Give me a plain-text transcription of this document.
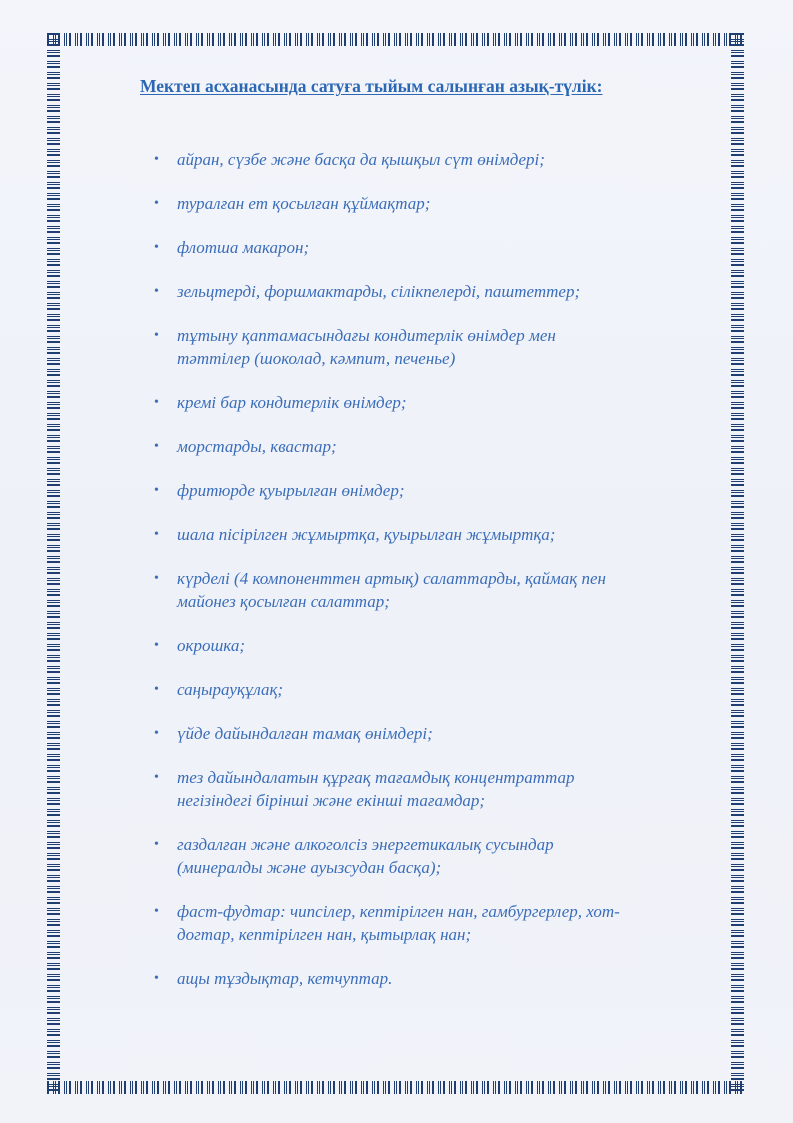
Мектеп асханасында сатуға тыйым салынған азық-түлік:
• айран, сүзбе және басқа да қышқыл сүт өнімдері;
• туралған ет қосылған құймақтар;
• флотша макарон;
• зельцтерді, форшмактарды, сілікпелерді, паштеттер;
• тұтыну қаптамасындағы кондитерлік өнімдер мен
тәттілер (шоколад, кәмпит, печенье)
• кремі бар кондитерлік өнімдер;
• морстарды, квастар;
• фритюрде қуырылған өнімдер;
• шала пісірілген жұмыртқа, қуырылған жұмыртқа;
• күрделі (4 компоненттен артық) салаттарды, қаймақ пен
майонез қосылған салаттар;
• окрошка;
• саңырауқұлақ;
• үйде дайындалған тамақ өнімдері;
• тез дайындалатын құрғақ тағамдық концентраттар
негізіндегі бірінші және екінші тағамдар;
• газдалған және алкоголсіз энергетикалық сусындар
(минералды және ауызсудан басқа);
• фаст-фудтар: чипсілер, кептірілген нан, гамбургерлер, хот-
догтар, кептірілген нан, қытырлақ нан;
• ащы тұздықтар, кетчуптар.
